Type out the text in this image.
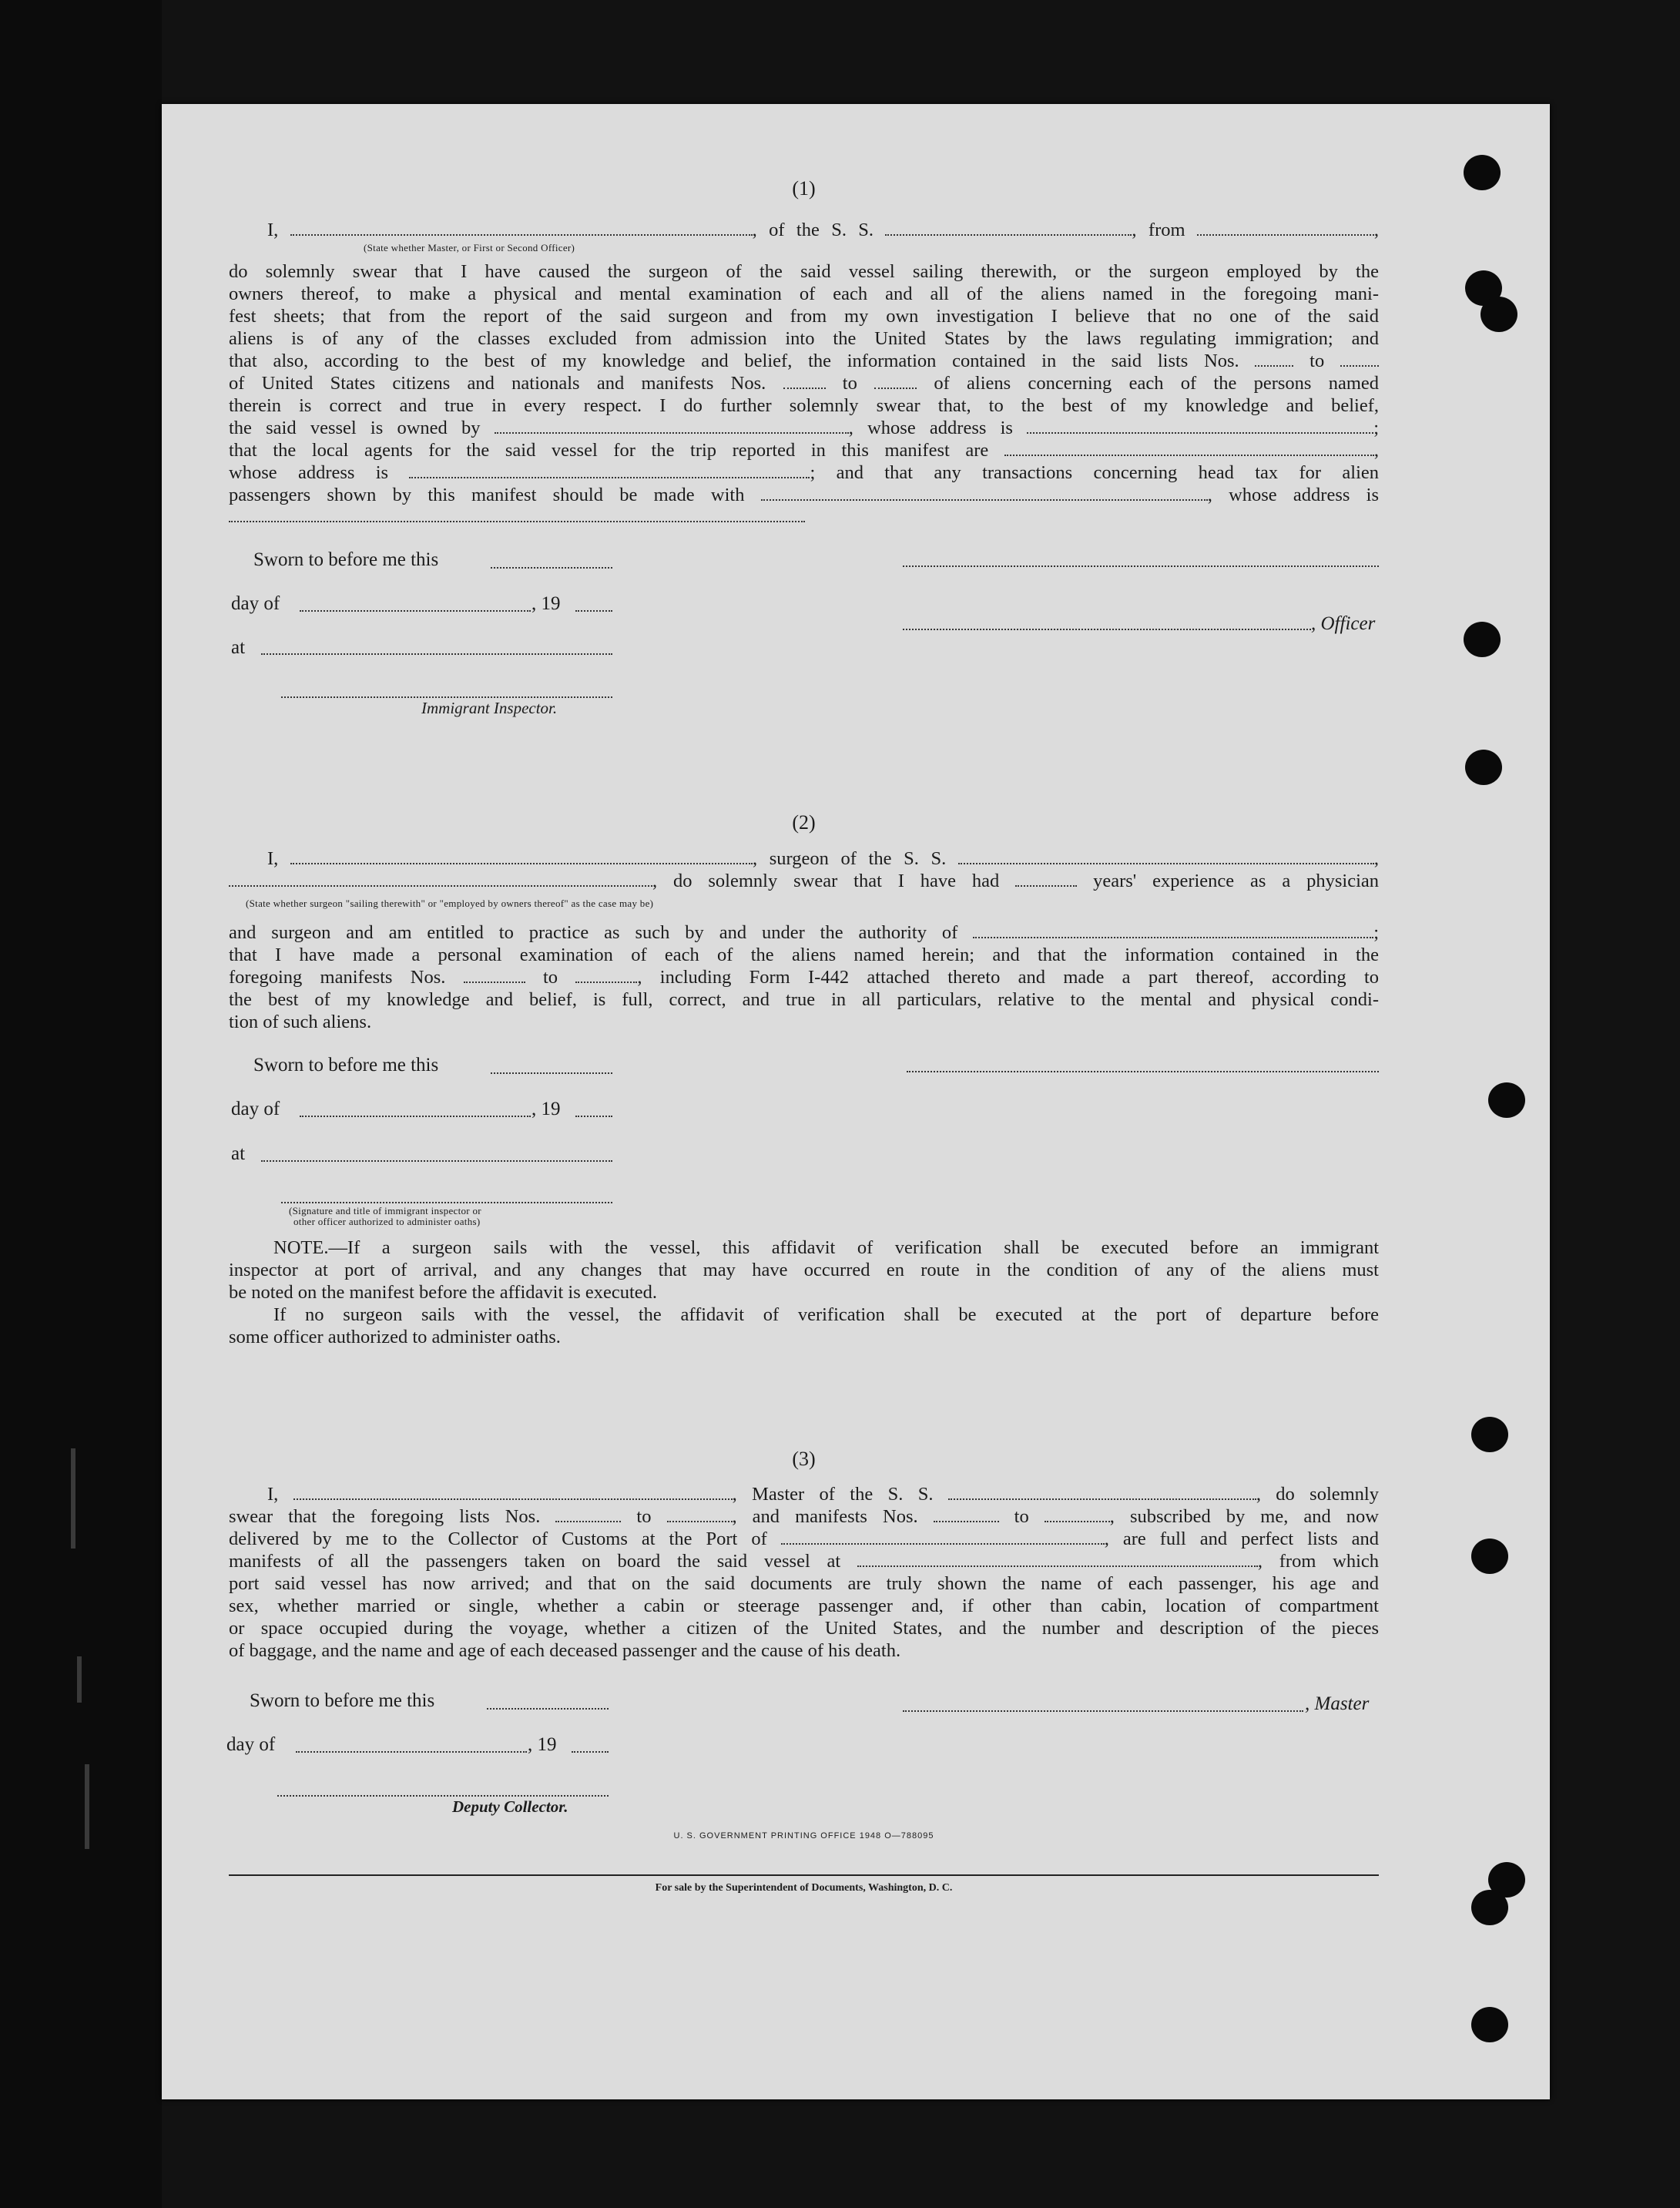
(1)
I,	, of the S. S.	, from	,
do solemnly swear that I have caused the surgeon of the said vessel sailing therewith, or the surgeon employed by the
owners thereof, to make a physical and mental examination of each and all of the aliens named in the foregoing mani-
fest sheets; that from the report of the said surgeon and from my own investigation I believe that no one of the said
aliens is of any of the classes excluded from admission into the United States by the laws regulating immigration; and
that also, according to the best of my knowledge and belief, the information contained in the said lists Nos.  to
of United States citizens and nationals and manifests Nos.  to  of aliens concerning each of the persons named
therein is correct and true in every respect. I do further solemnly swear that, to the best of my knowledge and belief,
the said vessel is owned by	, whose address is	;
that the local agents for the said vessel for the trip reported in this manifest are	,
whose address is	; and that any transactions concerning head tax for alien
passengers shown by this manifest should be made with	, whose address is
(State whether Master, or First or Second Officer)
Sworn to before me this
day of	, 19
, Officer
at
Immigrant Inspector.
(2)
I,	, surgeon of the S. S.	,
, do solemnly swear that I have had	years' experience as a physician
(State whether surgeon "sailing therewith" or "employed by owners thereof" as the case may be)
and surgeon and am entitled to practice as such by and under the authority of	;
that I have made a personal examination of each of the aliens named herein; and that the information contained in the
foregoing manifests Nos.	to	, including Form I-442 attached thereto and made a part thereof, according to
the best of my knowledge and belief, is full, correct, and true in all particulars, relative to the mental and physical condi-
tion of such aliens.
Sworn to before me this
day of	, 19
at
(Signature and title of immigrant inspector or
other officer authorized to administer oaths)
NOTE.—If a surgeon sails with the vessel, this affidavit of verification shall be executed before an immigrant
inspector at port of arrival, and any changes that may have occurred en route in the condition of any of the aliens must
be noted on the manifest before the affidavit is executed.
If no surgeon sails with the vessel, the affidavit of verification shall be executed at the port of departure before
some officer authorized to administer oaths.
(3)
I,	, Master of the S. S.	, do solemnly
swear that the foregoing lists Nos.	to	, and manifests Nos.	to	, subscribed by me, and now
delivered by me to the Collector of Customs at the Port of	, are full and perfect lists and
manifests of all the passengers taken on board the said vessel at	, from which
port said vessel has now arrived; and that on the said documents are truly shown the name of each passenger, his age and
sex, whether married or single, whether a cabin or steerage passenger and, if other than cabin, location of compartment
or space occupied during the voyage, whether a citizen of the United States, and the number and description of the pieces
of baggage, and the name and age of each deceased passenger and the cause of his death.
Sworn to before me this	, Master
day of	, 19
Deputy Collector.
U. S. GOVERNMENT PRINTING OFFICE 1948 O—788095
For sale by the Superintendent of Documents, Washington, D. C.
